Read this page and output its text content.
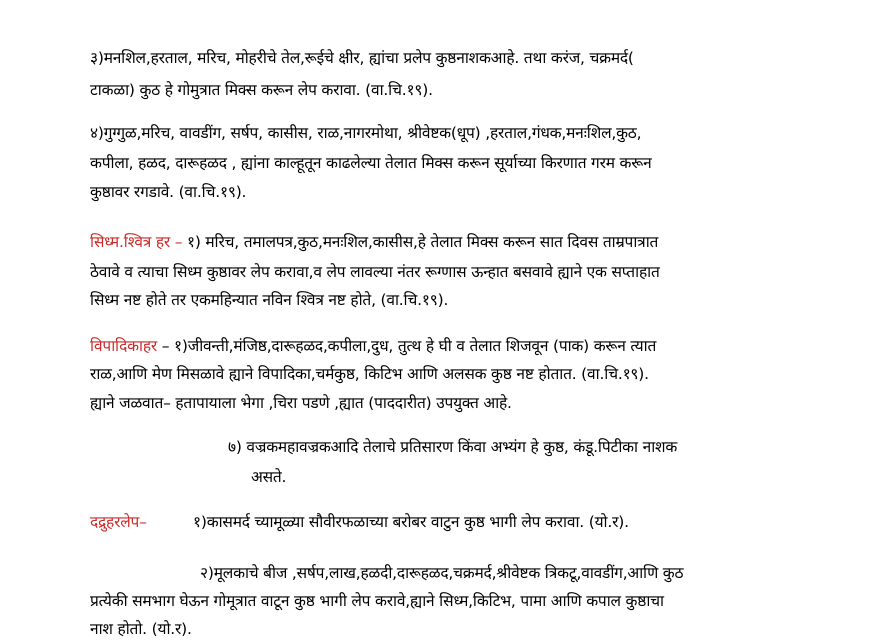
३)मनशिल,हरताल, मरिच, मोहरीचे तेल,रूईचे क्षीर, ह्यांचा प्रलेप कुष्ठनाशकआहे. तथा करंज, चक्रमर्द(
टाकळा) कुठ हे गोमुत्रात मिक्स करून लेप करावा. (वा.चि.१९).
४)गुग्गुळ,मरिच, वावडींग, सर्षप, कासीस, राळ,नागरमोथा, श्रीवेष्टक(धूप) ,हरताल,गंधक,मनःशिल,कुठ,
कपीला, हळद, दारूहळद , ह्यांना काल्हूतून काढलेल्या तेलात मिक्स करून सूर्याच्या किरणात गरम करून
कुष्ठावर रगडावे. (वा.चि.१९).
सिध्म.श्वित्र हर – १) मरिच, तमालपत्र,कुठ,मनःशिल,कासीस,हे तेलात मिक्स करून सात दिवस ताम्रपात्रात
ठेवावे व त्याचा सिध्म कुष्ठावर लेप करावा,व लेप लावल्या नंतर रूग्णास ऊन्हात बसवावे ह्याने एक सप्ताहात
सिध्म नष्ट होते तर एकमहिन्यात नविन श्वित्र नष्ट होते, (वा.चि.१९).
विपादिकाहर – १)जीवन्ती,मंजिष्ठ,दारूहळद,कपीला,दुध, तुत्थ हे घी व तेलात शिजवून (पाक) करून त्यात
राळ,आणि मेण मिसळावे ह्याने विपादिका,चर्मकुष्ठ, किटिभ आणि अलसक कुष्ठ नष्ट होतात. (वा.चि.१९).
ह्याने जळवात– हतापायाला भेगा ,चिरा पडणे ,ह्यात (पाददारीत) उपयुक्त आहे.
७) वज्रकमहावज्रकआदि तेलाचे प्रतिसारण किंवा अभ्यंग हे कुष्ठ, कंडू.पिटीका नाशक
असते.
दद्रुहरलेप–	१)कासमर्द च्यामूळ्या सौवीरफळाच्या बरोबर वाटुन कुष्ठ भागी लेप करावा. (यो.र).
२)मूलकाचे बीज ,सर्षप,लाख,हळदी,दारूहळद,चक्रमर्द,श्रीवेष्टक त्रिकटू,वावडींग,आणि कुठ
प्रत्येकी समभाग घेऊन गोमूत्रात वाटून कुष्ठ भागी लेप करावे,ह्याने सिध्म,किटिभ, पामा आणि कपाल कुष्ठाचा
नाश होतो. (यो.र).
